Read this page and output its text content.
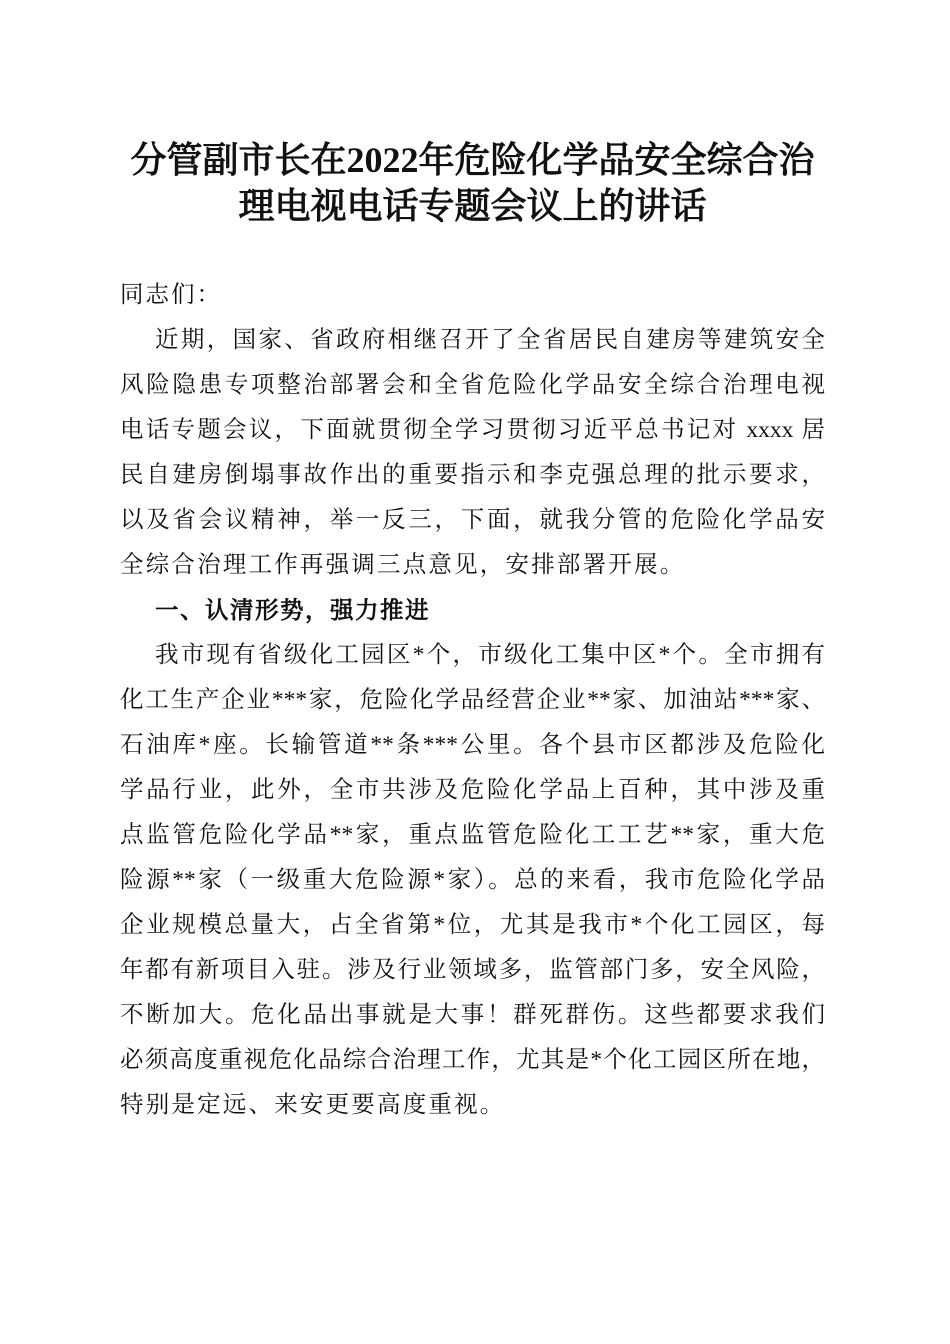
分管副市长在2022年危险化学品安全综合治
理电视电话专题会议上的讲话
同志们：
近期，国家、省政府相继召开了全省居民自建房等建筑安全
风险隐患专项整治部署会和全省危险化学品安全综合治理电视
电话专题会议，下面就贯彻全学习贯彻习近平总书记对 xxxx 居
民自建房倒塌事故作出的重要指示和李克强总理的批示要求，
以及省会议精神，举一反三，下面，就我分管的危险化学品安
全综合治理工作再强调三点意见，安排部署开展。
一、认清形势，强力推进
我市现有省级化工园区*个，市级化工集中区*个。全市拥有
化工生产企业***家，危险化学品经营企业**家、加油站***家、
石油库*座。长输管道**条***公里。各个县市区都涉及危险化
学品行业，此外，全市共涉及危险化学品上百种，其中涉及重
点监管危险化学品**家，重点监管危险化工工艺**家，重大危
险源**家（一级重大危险源*家）。总的来看，我市危险化学品
企业规模总量大，占全省第*位，尤其是我市*个化工园区，每
年都有新项目入驻。涉及行业领域多，监管部门多，安全风险，
不断加大。危化品出事就是大事！群死群伤。这些都要求我们
必须高度重视危化品综合治理工作，尤其是*个化工园区所在地，
特别是定远、来安更要高度重视。
